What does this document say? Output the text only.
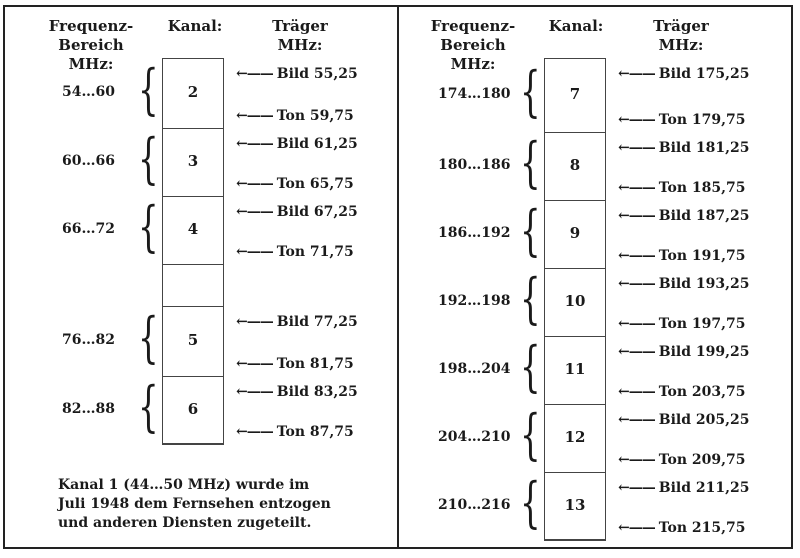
Frequenz-
Bereich
MHz:
Kanal:	Träger
MHz:
Frequenz-
Bereich
MHz:
Kanal:	Träger
MHz:
Kanal 1 (44…50 MHz) wurde im
Juli 1948 dem Fernsehen entzogen
und anderen Diensten zugeteilt.
2
{
54…60
←—— Bild 55,25
←—— Ton 59,75
3
{
60…66
←—— Bild 61,25
←—— Ton 65,75
4
{
66…72
←—— Bild 67,25
←—— Ton 71,75
5
{
76…82
←—— Bild 77,25
←—— Ton 81,75
6
{
82…88
←—— Bild 83,25
←—— Ton 87,75
7
{
174…180
←—— Bild 175,25
←—— Ton 179,75
8
{
180…186
←—— Bild 181,25
←—— Ton 185,75
9
{
186…192
←—— Bild 187,25
←—— Ton 191,75
10
{
192…198
←—— Bild 193,25
←—— Ton 197,75
11
{
198…204
←—— Bild 199,25
←—— Ton 203,75
12
{
204…210
←—— Bild 205,25
←—— Ton 209,75
13
{
210…216
←—— Bild 211,25
←—— Ton 215,75
